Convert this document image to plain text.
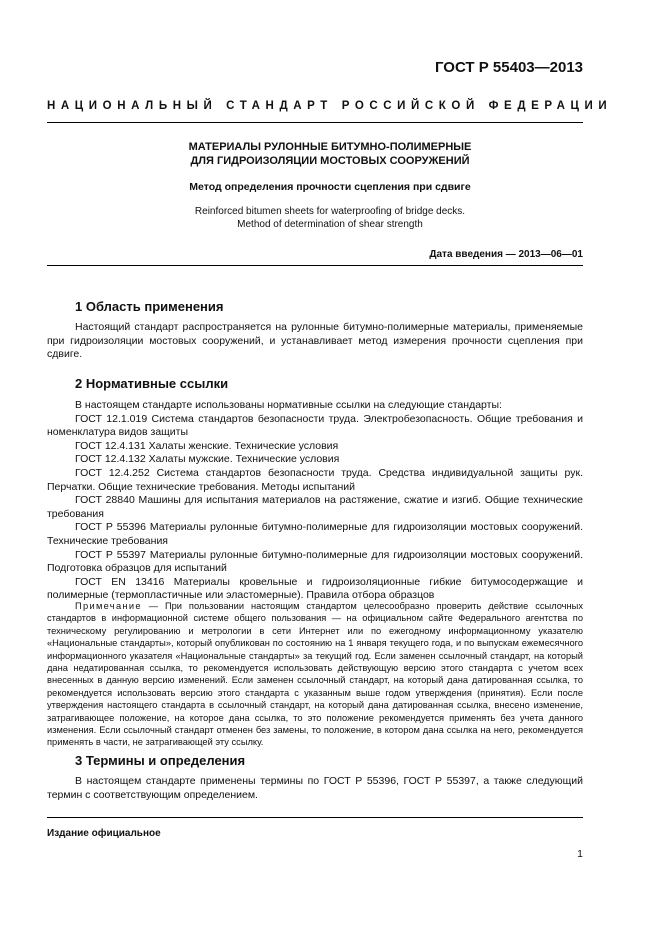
ГОСТ Р 55403—2013
НАЦИОНАЛЬНЫЙ СТАНДАРТ РОССИЙСКОЙ ФЕДЕРАЦИИ
МАТЕРИАЛЫ РУЛОННЫЕ БИТУМНО-ПОЛИМЕРНЫЕ
ДЛЯ ГИДРОИЗОЛЯЦИИ МОСТОВЫХ СООРУЖЕНИЙ
Метод определения прочности сцепления при сдвиге
Reinforced bitumen sheets for waterproofing of bridge decks.
Method of determination of shear strength
Дата введения — 2013—06—01
1 Область применения

Настоящий стандарт распространяется на рулонные битумно-полимерные материалы, применяемые при гидроизоляции мостовых сооружений, и устанавливает метод измерения прочности сцепления при сдвиге.

2 Нормативные ссылки

В настоящем стандарте использованы нормативные ссылки на следующие стандарты:

ГОСТ 12.1.019 Система стандартов безопасности труда. Электробезопасность. Общие требования и номенклатура видов защиты

ГОСТ 12.4.131 Халаты женские. Технические условия

ГОСТ 12.4.132 Халаты мужские. Технические условия

ГОСТ 12.4.252 Система стандартов безопасности труда. Средства индивидуальной защиты рук. Перчатки. Общие технические требования. Методы испытаний

ГОСТ 28840 Машины для испытания материалов на растяжение, сжатие и изгиб. Общие технические требования

ГОСТ Р 55396 Материалы рулонные битумно-полимерные для гидроизоляции мостовых сооружений. Технические требования

ГОСТ Р 55397 Материалы рулонные битумно-полимерные для гидроизоляции мостовых сооружений. Подготовка образцов для испытаний

ГОСТ EN 13416 Материалы кровельные и гидроизоляционные гибкие битумосодержащие и полимерные (термопластичные или эластомерные). Правила отбора образцов

Примечание — При пользовании настоящим стандартом целесообразно проверить действие ссылочных стандартов в информационной системе общего пользования — на официальном сайте Федерального агентства по техническому регулированию и метрологии в сети Интернет или по ежегодному информационному указателю «Национальные стандарты», который опубликован по состоянию на 1 января текущего года, и по выпускам ежемесячного информационного указателя «Национальные стандарты» за текущий год. Если заменен ссылочный стандарт, на который дана недатированная ссылка, то рекомендуется использовать действующую версию этого стандарта с учетом всех внесенных в данную версию изменений. Если заменен ссылочный стандарт, на который дана датированная ссылка, то рекомендуется использовать версию этого стандарта с указанным выше годом утверждения (принятия). Если после утверждения настоящего стандарта в ссылочный стандарт, на который дана датированная ссылка, внесено изменение, затрагивающее положение, на которое дана ссылка, то это положение рекомендуется применять без учета данного изменения. Если ссылочный стандарт отменен без замены, то положение, в котором дана ссылка на него, рекомендуется применять в части, не затрагивающей эту ссылку.

3 Термины и определения

В настоящем стандарте применены термины по ГОСТ Р 55396, ГОСТ Р 55397, а также следующий термин с соответствующим определением.

Издание официальное
1
